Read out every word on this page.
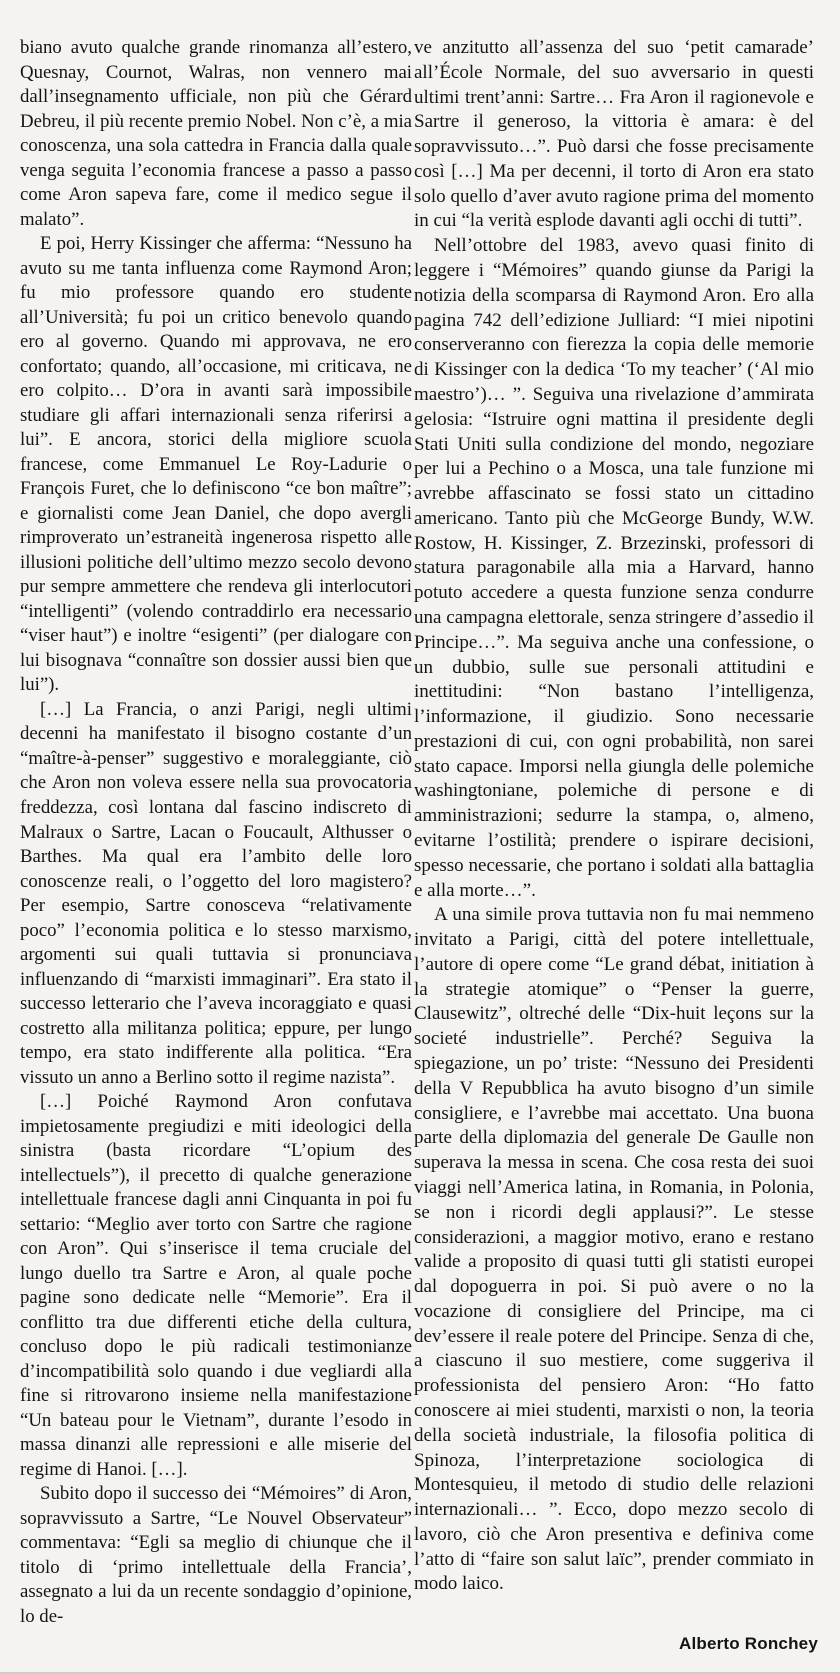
biano avuto qualche grande rinomanza all’estero, Quesnay, Cournot, Walras, non vennero mai dall’insegnamento ufficiale, non più che Gérard Debreu, il più recente premio Nobel. Non c’è, a mia conoscenza, una sola cattedra in Francia dalla quale venga seguita l’economia francese a passo a passo come Aron sapeva fare, come il medico segue il malato”.

E poi, Herry Kissinger che afferma: “Nessuno ha avuto su me tanta influenza come Raymond Aron; fu mio professore quando ero studente all’Università; fu poi un critico benevolo quando ero al governo. Quando mi approvava, ne ero confortato; quando, all’occasione, mi criticava, ne ero colpito… D’ora in avanti sarà impossibile studiare gli affari internazionali senza riferirsi a lui”. E ancora, storici della migliore scuola francese, come Emmanuel Le Roy-Ladurie o François Furet, che lo definiscono “ce bon maître”; e giornalisti come Jean Daniel, che dopo avergli rimproverato un’estraneità ingenerosa rispetto alle illusioni politiche dell’ultimo mezzo secolo devono pur sempre ammettere che rendeva gli interlocutori “intelligenti” (volendo contraddirlo era necessario “viser haut”) e inoltre “esigenti” (per dialogare con lui bisognava “connaître son dossier aussi bien que lui”).

[…] La Francia, o anzi Parigi, negli ultimi decenni ha manifestato il bisogno costante d’un “maître-à-penser” suggestivo e moraleggiante, ciò che Aron non voleva essere nella sua provocatoria freddezza, così lontana dal fascino indiscreto di Malraux o Sartre, Lacan o Foucault, Althusser o Barthes. Ma qual era l’ambito delle loro conoscenze reali, o l’oggetto del loro magistero? Per esempio, Sartre conosceva “relativamente poco” l’economia politica e lo stesso marxismo, argomenti sui quali tuttavia si pronunciava influenzando di “marxisti immaginari”. Era stato il successo letterario che l’aveva incoraggiato e quasi costretto alla militanza politica; eppure, per lungo tempo, era stato indifferente alla politica. “Era vissuto un anno a Berlino sotto il regime nazista”.

[…] Poiché Raymond Aron confutava impietosamente pregiudizi e miti ideologici della sinistra (basta ricordare “L’opium des intellectuels”), il precetto di qualche generazione intellettuale francese dagli anni Cinquanta in poi fu settario: “Meglio aver torto con Sartre che ragione con Aron”. Qui s’inserisce il tema cruciale del lungo duello tra Sartre e Aron, al quale poche pagine sono dedicate nelle “Memorie”. Era il conflitto tra due differenti etiche della cultura, concluso dopo le più radicali testimonianze d’incompatibilità solo quando i due vegliardi alla fine si ritrovarono insieme nella manifestazione “Un bateau pour le Vietnam”, durante l’esodo in massa dinanzi alle repressioni e alle miserie del regime di Hanoi. […].

Subito dopo il successo dei “Mémoires” di Aron, sopravvissuto a Sartre, “Le Nouvel Observateur” commentava: “Egli sa meglio di chiunque che il titolo di ‘primo intellettuale della Francia’, assegnato a lui da un recente sondaggio d’opinione, lo de-

ve anzitutto all’assenza del suo ‘petit camarade’ all’École Normale, del suo avversario in questi ultimi trent’anni: Sartre… Fra Aron il ragionevole e Sartre il generoso, la vittoria è amara: è del sopravvissuto…”. Può darsi che fosse precisamente così […] Ma per decenni, il torto di Aron era stato solo quello d’aver avuto ragione prima del momento in cui “la verità esplode davanti agli occhi di tutti”.

Nell’ottobre del 1983, avevo quasi finito di leggere i “Mémoires” quando giunse da Parigi la notizia della scomparsa di Raymond Aron. Ero alla pagina 742 dell’edizione Julliard: “I miei nipotini conserveranno con fierezza la copia delle memorie di Kissinger con la dedica ‘To my teacher’ (‘Al mio maestro’)… ”. Seguiva una rivelazione d’ammirata gelosia: “Istruire ogni mattina il presidente degli Stati Uniti sulla condizione del mondo, negoziare per lui a Pechino o a Mosca, una tale funzione mi avrebbe affascinato se fossi stato un cittadino americano. Tanto più che McGeorge Bundy, W.W. Rostow, H. Kissinger, Z. Brzezinski, professori di statura paragonabile alla mia a Harvard, hanno potuto accedere a questa funzione senza condurre una campagna elettorale, senza stringere d’assedio il Principe…”. Ma seguiva anche una confessione, o un dubbio, sulle sue personali attitudini e inettitudini: “Non bastano l’intelligenza, l’informazione, il giudizio. Sono necessarie prestazioni di cui, con ogni probabilità, non sarei stato capace. Imporsi nella giungla delle polemiche washingtoniane, polemiche di persone e di amministrazioni; sedurre la stampa, o, almeno, evitarne l’ostilità; prendere o ispirare decisioni, spesso necessarie, che portano i soldati alla battaglia e alla morte…”.

A una simile prova tuttavia non fu mai nemmeno invitato a Parigi, città del potere intellettuale, l’autore di opere come “Le grand débat, initiation à la strategie atomique” o “Penser la guerre, Clausewitz”, oltreché delle “Dix-huit leçons sur la societé industrielle”. Perché? Seguiva la spiegazione, un po’ triste: “Nessuno dei Presidenti della V Repubblica ha avuto bisogno d’un simile consigliere, e l’avrebbe mai accettato. Una buona parte della diplomazia del generale De Gaulle non superava la messa in scena. Che cosa resta dei suoi viaggi nell’America latina, in Romania, in Polonia, se non i ricordi degli applausi?”. Le stesse considerazioni, a maggior motivo, erano e restano valide a proposito di quasi tutti gli statisti europei dal dopoguerra in poi. Si può avere o no la vocazione di consigliere del Principe, ma ci dev’essere il reale potere del Principe. Senza di che, a ciascuno il suo mestiere, come suggeriva il professionista del pensiero Aron: “Ho fatto conoscere ai miei studenti, marxisti o non, la teoria della società industriale, la filosofia politica di Spinoza, l’interpretazione sociologica di Montesquieu, il metodo di studio delle relazioni internazionali… ”. Ecco, dopo mezzo secolo di lavoro, ciò che Aron presentiva e definiva come l’atto di “faire son salut laïc”, prender commiato in modo laico.

Alberto Ronchey
